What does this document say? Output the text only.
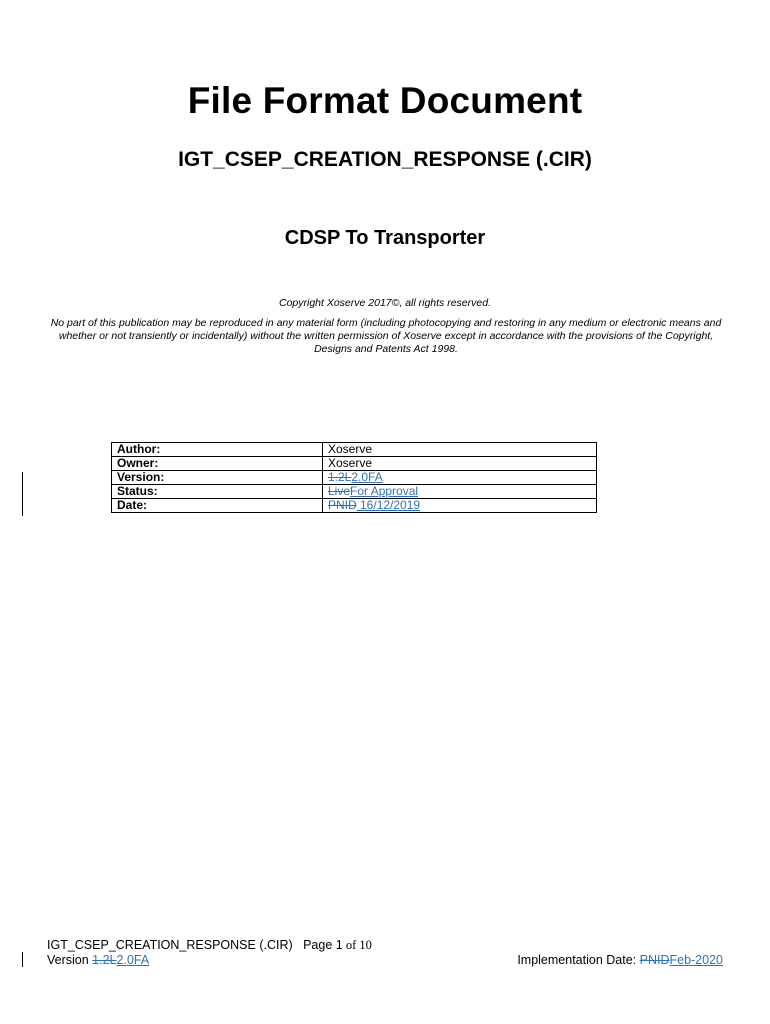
File Format Document
IGT_CSEP_CREATION_RESPONSE (.CIR)
CDSP To Transporter
Copyright Xoserve 2017©, all rights reserved.
No part of this publication may be reproduced in any material form (including photocopying and restoring in any medium or electronic means and whether or not transiently or incidentally) without the written permission of Xoserve except in accordance with the provisions of the Copyright, Designs and Patents Act 1998.
Author:	Xoserve
Owner:	Xoserve
Version:	1.2L2.0FA
Status:	LiveFor Approval
Date:	PNID 16/12/2019
IGT_CSEP_CREATION_RESPONSE (.CIR) Page 1 of 10
Version 1.2L2.0FA	Implementation Date: PNIDFeb-2020
